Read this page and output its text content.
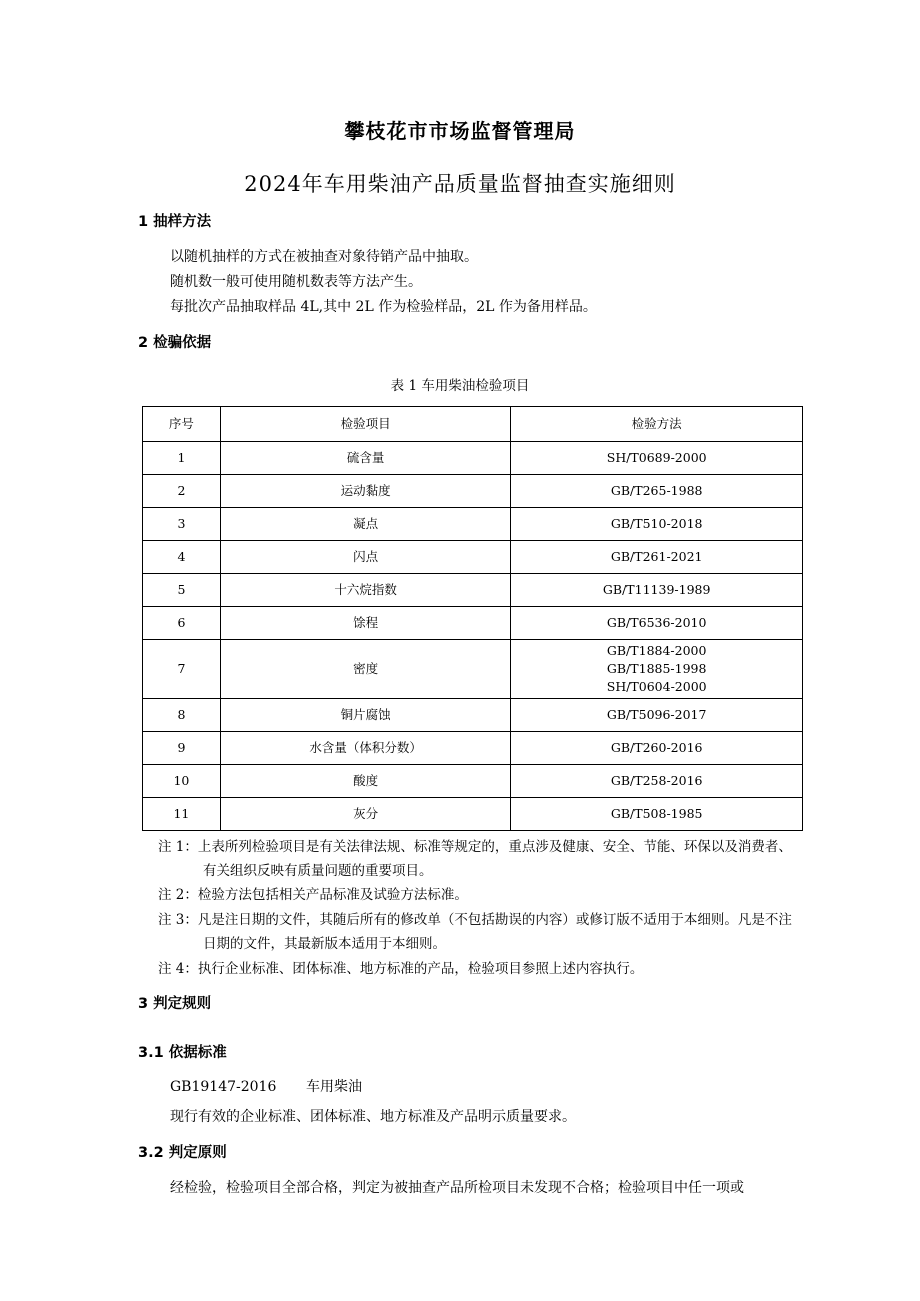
攀枝花市市场监督管理局
2024年车用柴油产品质量监督抽查实施细则
1 抽样方法
以随机抽样的方式在被抽查对象待销产品中抽取。
随机数一般可使用随机数表等方法产生。
每批次产品抽取样品 4L,其中 2L 作为检验样品，2L 作为备用样品。
2 检骗依据
表 1 车用柴油检验项目
序号	检验项目	检验方法
1	硫含量	SH/T0689-2000

2	运动黏度	GB/T265-1988

3	凝点	GB/T510-2018

4	闪点	GB/T261-2021

5	十六烷指数	GB/T11139-1989

6	馀程	GB/T6536-2010

7	密度	GB/T1884-2000
GB/T1885-1998
SH/T0604-2000

8	铜片腐蚀	GB/T5096-2017

9	水含量（体积分数）	GB/T260-2016

10	酸度	GB/T258-2016

11	灰分	GB/T508-1985
注 1：上表所列检验项目是有关法律法规、标准等规定的，重点涉及健康、安全、节能、环保以及消费者、
有关组织反映有质量问题的重要项目。
注 2：检验方法包括相关产品标准及试验方法标准。
注 3：凡是注日期的文件，其随后所有的修改单（不包括勘误的内容）或修订版不适用于本细则。凡是不注
日期的文件，其最新版本适用于本细则。
注 4：执行企业标准、团体标准、地方标准的产品，检验项目参照上述内容执行。
3 判定规则
3.1 依据标准
GB19147-2016 车用柴油
现行有效的企业标准、团体标准、地方标准及产品明示质量要求。
3.2 判定原则
经检验，检验项目全部合格，判定为被抽查产品所检项目未发现不合格；检验项目中任一项或
